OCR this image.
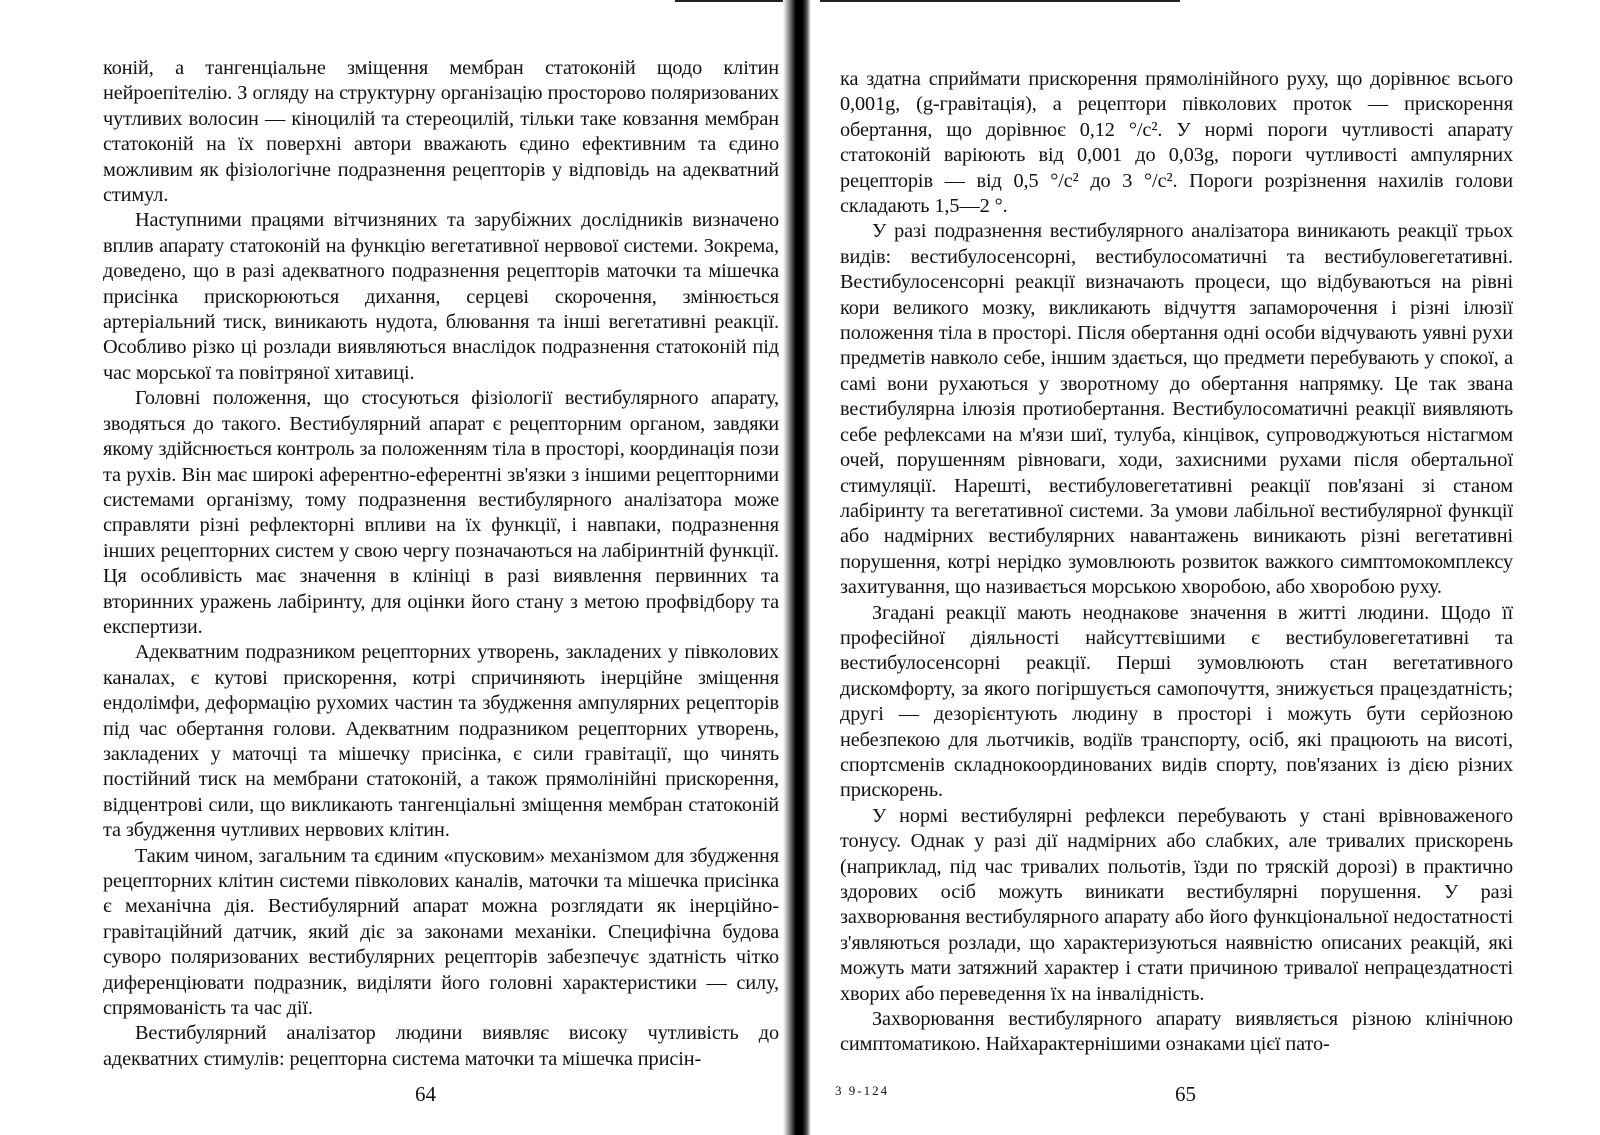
коній, а тангенціальне зміщення мембран статоконій щодо клітин нейроепітелію. З огляду на структурну організацію просторово поляризованих чутливих волосин — кіноцилій та стереоцилій, тільки таке ковзання мембран статоконій на їх поверхні автори вважають єдино ефективним та єдино можливим як фізіологічне подразнення рецепторів у відповідь на адекватний стимул.

Наступними працями вітчизняних та зарубіжних дослідників визначено вплив апарату статоконій на функцію вегетативної нервової системи. Зокрема, доведено, що в разі адекватного подразнення рецепторів маточки та мішечка присінка прискорюються дихання, серцеві скорочення, змінюється артеріальний тиск, виникають нудота, блювання та інші вегетативні реакції. Особливо різко ці розлади виявляються внаслідок подразнення статоконій під час морської та повітряної хитавиці.

Головні положення, що стосуються фізіології вестибулярного апарату, зводяться до такого. Вестибулярний апарат є рецепторним органом, завдяки якому здійснюється контроль за положенням тіла в просторі, координація пози та рухів. Він має широкі аферентно-еферентні зв'язки з іншими рецепторними системами організму, тому подразнення вестибулярного аналізатора може справляти різні рефлекторні впливи на їх функції, і навпаки, подразнення інших рецепторних систем у свою чергу позначаються на лабіринтній функції. Ця особливість має значення в клініці в разі виявлення первинних та вторинних уражень лабіринту, для оцінки його стану з метою профвідбору та експертизи.

Адекватним подразником рецепторних утворень, закладених у півколових каналах, є кутові прискорення, котрі спричиняють інерційне зміщення ендолімфи, деформацію рухомих частин та збудження ампулярних рецепторів під час обертання голови. Адекватним подразником рецепторних утворень, закладених у маточці та мішечку присінка, є сили гравітації, що чинять постійний тиск на мембрани статоконій, а також прямолінійні прискорення, відцентрові сили, що викликають тангенціальні зміщення мембран статоконій та збудження чутливих нервових клітин.

Таким чином, загальним та єдиним «пусковим» механізмом для збудження рецепторних клітин системи півколових каналів, маточки та мішечка присінка є механічна дія. Вестибулярний апарат можна розглядати як інерційно-гравітаційний датчик, який діє за законами механіки. Специфічна будова суворо поляризованих вестибулярних рецепторів забезпечує здатність чітко диференціювати подразник, виділяти його головні характеристики — силу, спрямованість та час дії.

Вестибулярний аналізатор людини виявляє високу чутливість до адекватних стимулів: рецепторна система маточки та мішечка присін-

64

ка здатна сприймати прискорення прямолінійного руху, що дорівнює всього 0,001g, (g-гравітація), а рецептори півколових проток — прискорення обертання, що дорівнює 0,12 °/с². У нормі пороги чутливості апарату статоконій варіюють від 0,001 до 0,03g, пороги чутливості ампулярних рецепторів — від 0,5 °/с² до 3 °/с². Пороги розрізнення нахилів голови складають 1,5—2 °.

У разі подразнення вестибулярного аналізатора виникають реакції трьох видів: вестибулосенсорні, вестибулосоматичні та вестибуловегетативні. Вестибулосенсорні реакції визначають процеси, що відбуваються на рівні кори великого мозку, викликають відчуття запаморочення і різні ілюзії положення тіла в просторі. Після обертання одні особи відчувають уявні рухи предметів навколо себе, іншим здається, що предмети перебувають у спокої, а самі вони рухаються у зворотному до обертання напрямку. Це так звана вестибулярна ілюзія протиобертання. Вестибулосоматичні реакції виявляють себе рефлексами на м'язи шиї, тулуба, кінцівок, супроводжуються ністагмом очей, порушенням рівноваги, ходи, захисними рухами після обертальної стимуляції. Нарешті, вестибуловегетативні реакції пов'язані зі станом лабіринту та вегетативної системи. За умови лабільної вестибулярної функції або надмірних вестибулярних навантажень виникають різні вегетативні порушення, котрі нерідко зумовлюють розвиток важкого симптомокомплексу захитування, що називається морською хворобою, або хворобою руху.

Згадані реакції мають неоднакове значення в житті людини. Щодо її професійної діяльності найсуттєвішими є вестибуловегетативні та вестибулосенсорні реакції. Перші зумовлюють стан вегетативного дискомфорту, за якого погіршується самопочуття, знижується працездатність; другі — дезорієнтують людину в просторі і можуть бути серйозною небезпекою для льотчиків, водіїв транспорту, осіб, які працюють на висоті, спортсменів складнокоординованих видів спорту, пов'язаних із дією різних прискорень.

У нормі вестибулярні рефлекси перебувають у стані врівноваженого тонусу. Однак у разі дії надмірних або слабких, але тривалих прискорень (наприклад, під час тривалих польотів, їзди по тряскій дорозі) в практично здорових осіб можуть виникати вестибулярні порушення. У разі захворювання вестибулярного апарату або його функціональної недостатності з'являються розлади, що характеризуються наявністю описаних реакцій, які можуть мати затяжний характер і стати причиною тривалої непрацездатності хворих або переведення їх на інвалідність.

Захворювання вестибулярного апарату виявляється різною клінічною симптоматикою. Найхарактернішими ознаками цієї пато-

3 9-124	65
